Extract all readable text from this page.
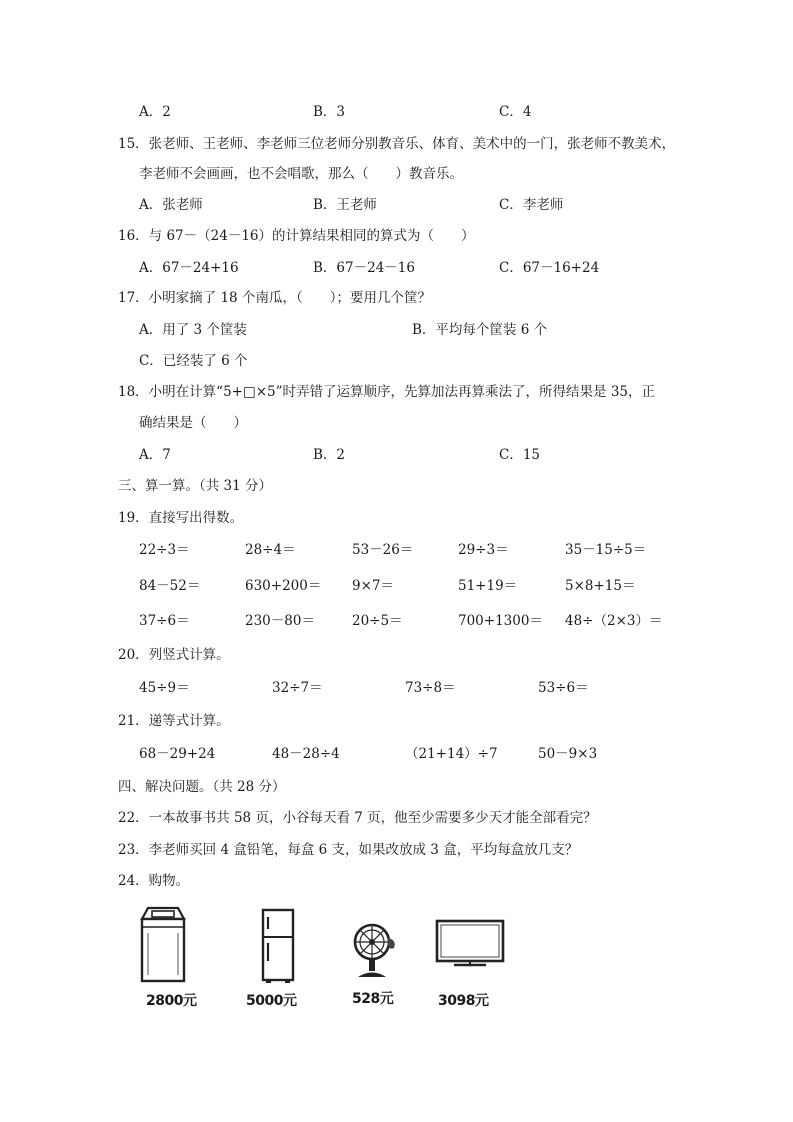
A．2	B．3	C．4
15．张老师、王老师、李老师三位老师分别教音乐、体育、美术中的一门，张老师不教美术，
李老师不会画画，也不会唱歌，那么（　　）教音乐。
A．张老师	B．王老师	C．李老师
16．与 67－（24－16）的计算结果相同的算式为（　　）
A．67－24+16	B．67－24－16	C．67－16+24
17．小明家摘了 18 个南瓜，（　　）；要用几个筐？
A．用了 3 个筐装	B．平均每个筐装 6 个
C．已经装了 6 个
18．小明在计算“5+□×5”时弄错了运算顺序，先算加法再算乘法了，所得结果是 35，正
确结果是（　　）
A．7	B．2	C．15
三、算一算。（共 31 分）
19．直接写出得数。
22÷3＝	28÷4＝	53－26＝	29÷3＝	35－15÷5＝
84－52＝	630+200＝ 9×7＝	51+19＝	5×8+15＝
37÷6＝	230－80＝	20÷5＝	700+1300＝ 48÷（2×3）＝
20．列竖式计算。
45÷9＝	32÷7＝	73÷8＝	53÷6＝
21．递等式计算。
68－29+24	48－28÷4	（21+14）÷7	50－9×3
四、解决问题。（共 28 分）
22．一本故事书共 58 页，小谷每天看 7 页，他至少需要多少天才能全部看完？
23．李老师买回 4 盒铅笔，每盒 6 支，如果改放成 3 盒，平均每盒放几支？
24．购物。
2800元	5000元	528元	3098元
